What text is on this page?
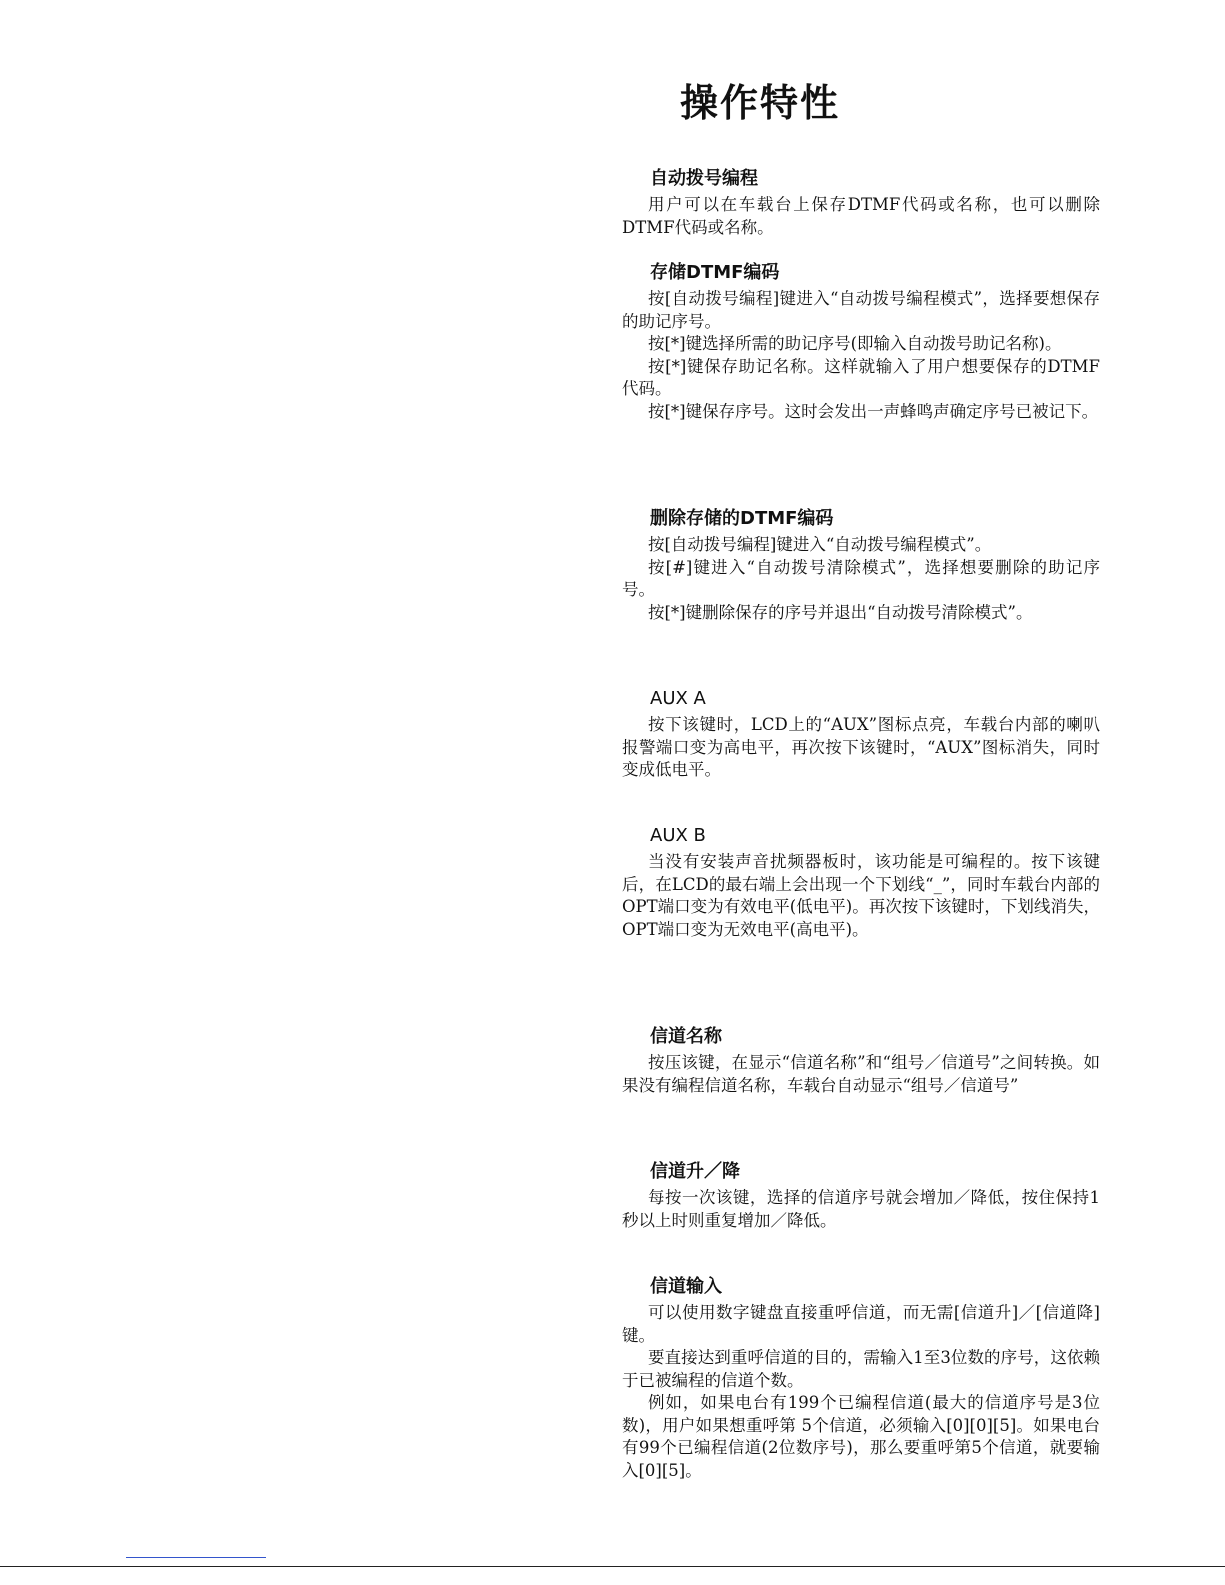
操作特性
自动拨号编程

用户可以在车载台上保存DTMF代码或名称，也可以删除DTMF代码或名称。

存储DTMF编码

按[自动拨号编程]键进入“自动拨号编程模式”，选择要想保存的助记序号。

按[*]键选择所需的助记序号(即输入自动拨号助记名称)。

按[*]键保存助记名称。这样就输入了用户想要保存的DTMF代码。

按[*]键保存序号。这时会发出一声蜂鸣声确定序号已被记下。

删除存储的DTMF编码

按[自动拨号编程]键进入“自动拨号编程模式”。

按[#]键进入“自动拨号清除模式”，选择想要删除的助记序号。

按[*]键删除保存的序号并退出“自动拨号清除模式”。

AUX A

按下该键时，LCD上的“AUX”图标点亮，车载台内部的喇叭报警端口变为高电平，再次按下该键时，“AUX”图标消失，同时变成低电平。

AUX B

当没有安装声音扰频器板时，该功能是可编程的。按下该键后，在LCD的最右端上会出现一个下划线“_”，同时车载台内部的OPT端口变为有效电平(低电平)。再次按下该键时，下划线消失，OPT端口变为无效电平(高电平)。

信道名称

按压该键，在显示“信道名称”和“组号／信道号”之间转换。如果没有编程信道名称，车载台自动显示“组号／信道号”

信道升／降

每按一次该键，选择的信道序号就会增加／降低，按住保持1秒以上时则重复增加／降低。

信道输入

可以使用数字键盘直接重呼信道，而无需[信道升]／[信道降]键。

要直接达到重呼信道的目的，需输入1至3位数的序号，这依赖于已被编程的信道个数。

例如，如果电台有199个已编程信道(最大的信道序号是3位数)，用户如果想重呼第 5个信道，必须输入[0][0][5]。如果电台有99个已编程信道(2位数序号)，那么要重呼第5个信道，就要输入[0][5]。
